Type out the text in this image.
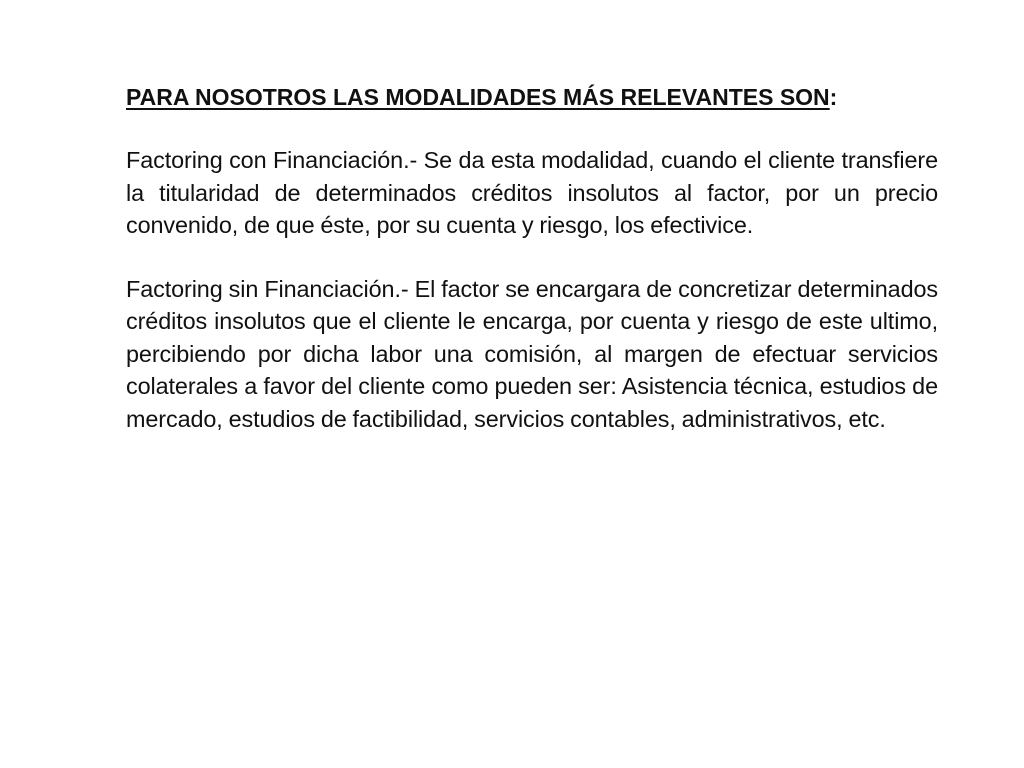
PARA NOSOTROS LAS MODALIDADES MÁS RELEVANTES SON:

Factoring con Financiación.- Se da esta modalidad, cuando el cliente transfiere la titularidad de determinados créditos insolutos al factor, por un precio convenido, de que éste, por su cuenta y riesgo, los efectivice.

Factoring sin Financiación.- El factor se encargara de concretizar determinados créditos insolutos que el cliente le encarga, por cuenta y riesgo de este ultimo, percibiendo por dicha labor una comisión, al margen de efectuar servicios colaterales a favor del cliente como pueden ser: Asistencia técnica, estudios de mercado, estudios de factibilidad, servicios contables, administrativos, etc.
